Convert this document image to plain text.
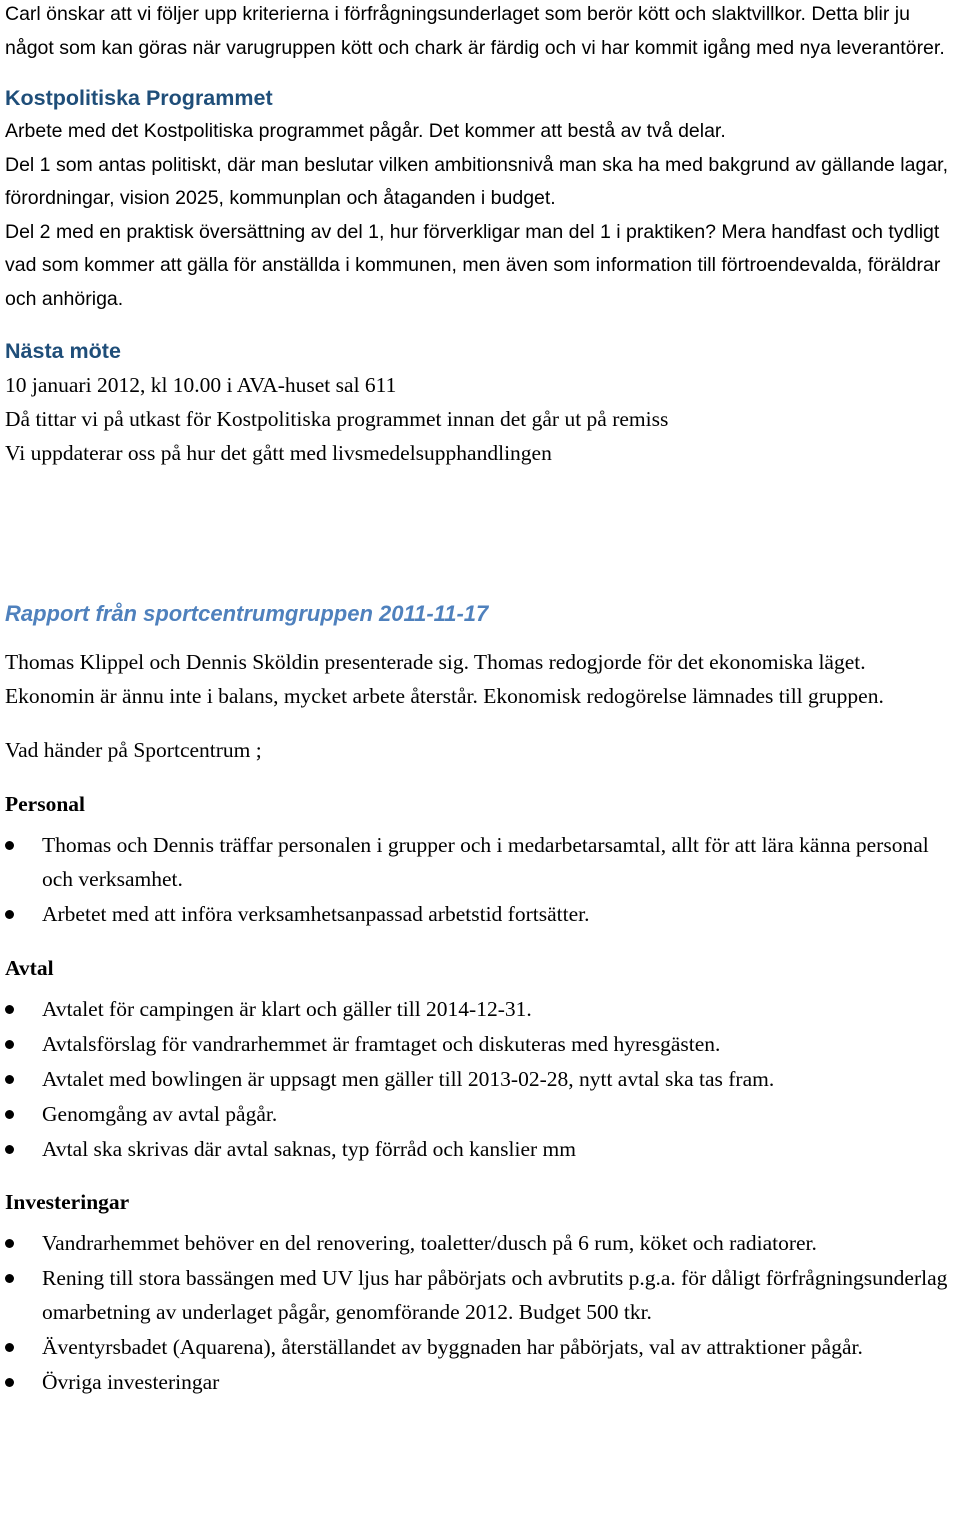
Carl önskar att vi följer upp kriterierna i förfrågningsunderlaget som berör kött och slaktvillkor. Detta blir ju något som kan göras när varugruppen kött och chark är färdig och vi har kommit igång med nya leverantörer.

Kostpolitiska Programmet

Arbete med det Kostpolitiska programmet pågår. Det kommer att bestå av två delar.

Del 1 som antas politiskt, där man beslutar vilken ambitionsnivå man ska ha med bakgrund av gällande lagar, förordningar, vision 2025, kommunplan och åtaganden i budget.

Del 2 med en praktisk översättning av del 1, hur förverkligar man del 1 i praktiken? Mera handfast och tydligt vad som kommer att gälla för anställda i kommunen, men även som information till förtroendevalda, föräldrar och anhöriga.

Nästa möte

10 januari 2012, kl 10.00 i AVA-huset sal 611

Då tittar vi på utkast för Kostpolitiska programmet innan det går ut på remiss

Vi uppdaterar oss på hur det gått med livsmedelsupphandlingen

Rapport från sportcentrumgruppen 2011-11-17

Thomas Klippel och Dennis Sköldin presenterade sig. Thomas redogjorde för det ekonomiska läget. Ekonomin är ännu inte i balans, mycket arbete återstår. Ekonomisk redogörelse lämnades till gruppen.

Vad händer på Sportcentrum ;

Personal
Thomas och Dennis träffar personalen i grupper och i medarbetarsamtal, allt för att lära känna personal och verksamhet.
Arbetet med att införa verksamhetsanpassad arbetstid fortsätter.
Avtal
Avtalet för campingen är klart och gäller till 2014-12-31.
Avtalsförslag för vandrarhemmet är framtaget och diskuteras med hyresgästen.
Avtalet med bowlingen är uppsagt men gäller till 2013-02-28, nytt avtal ska tas fram.
Genomgång av avtal pågår.
Avtal ska skrivas där avtal saknas, typ förråd och kanslier mm
Investeringar
Vandrarhemmet behöver en del renovering, toaletter/dusch på 6 rum, köket och radiatorer.
Rening till stora bassängen med UV ljus har påbörjats och avbrutits p.g.a. för dåligt förfrågningsunderlag omarbetning av underlaget pågår, genomförande 2012. Budget 500 tkr.
Äventyrsbadet (Aquarena), återställandet av byggnaden har påbörjats, val av attraktioner pågår.
Övriga investeringar
